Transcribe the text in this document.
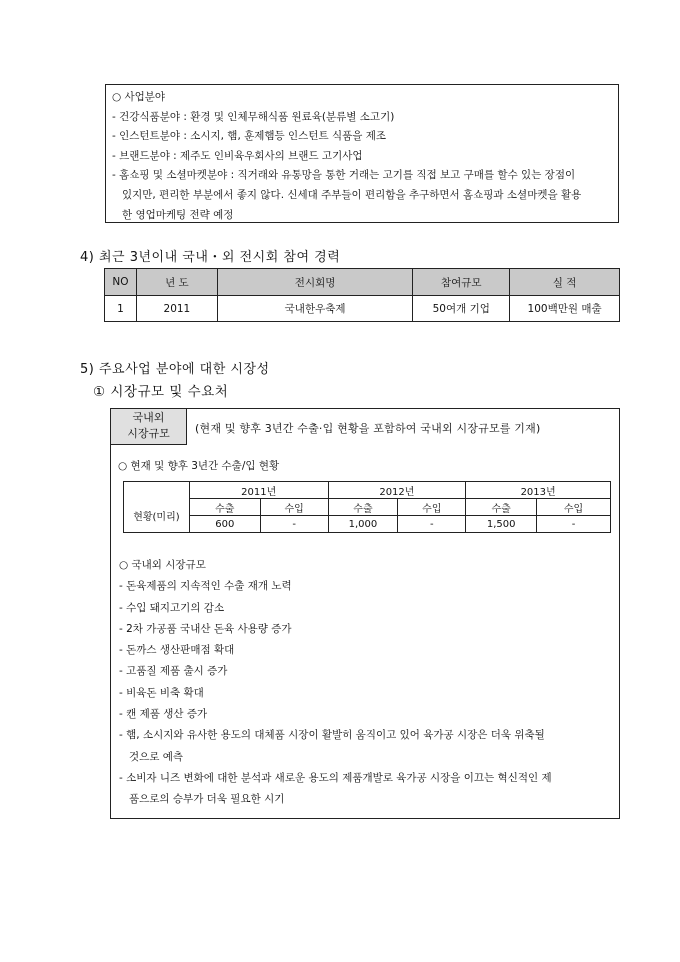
○ 사업분야
- 건강식품분야 : 환경 및 인체무해식품 원료육(분류별 소고기)
- 인스턴트분야 : 소시지, 햄, 훈제햄등 인스턴트 식품을 제조
- 브랜드분야 : 제주도 인비육우회사의 브랜드 고기사업
- 홈쇼핑 및 소셜마켓분야 : 직거래와 유통망을 통한 거래는 고기를 직접 보고 구매를 할수 있는 장점이
있지만, 편리한 부분에서 좋지 않다. 신세대 주부들이 편리함을 추구하면서 홈쇼핑과 소셜마켓을 활용
한 영업마케팅 전략 예정
4) 최근 3년이내 국내・외 전시회 참여 경력
NO	년 도	전시회명	참여규모	실 적
1	2011	국내한우축제	50여개 기업	100백만원 매출
5) 주요사업 분야에 대한 시장성
① 시장규모 및 수요처
국내외
시장규모	(현재 및 향후 3년간 수출·입 현황을 포함하여 국내외 시장규모를 기재)
○ 현재 및 향후 3년간 수출/입 현황
	2011년		2012년		2013년	
현황(미리)	수출	수입	수출	수입	수출	수입
	600	-	1,000	-	1,500	-
○ 국내외 시장규모
- 돈육제품의 지속적인 수출 재개 노력
- 수입 돼지고기의 감소
- 2차 가공품 국내산 돈육 사용량 증가
- 돈까스 생산판매점 확대
- 고품질 제품 출시 증가
- 비육돈 비축 확대
- 캔 제품 생산 증가
- 햄, 소시지와 유사한 용도의 대체품 시장이 활발히 움직이고 있어 육가공 시장은 더욱 위축될
것으로 예측
- 소비자 니즈 변화에 대한 분석과 새로운 용도의 제품개발로 육가공 시장을 이끄는 혁신적인 제
품으로의 승부가 더욱 필요한 시기
